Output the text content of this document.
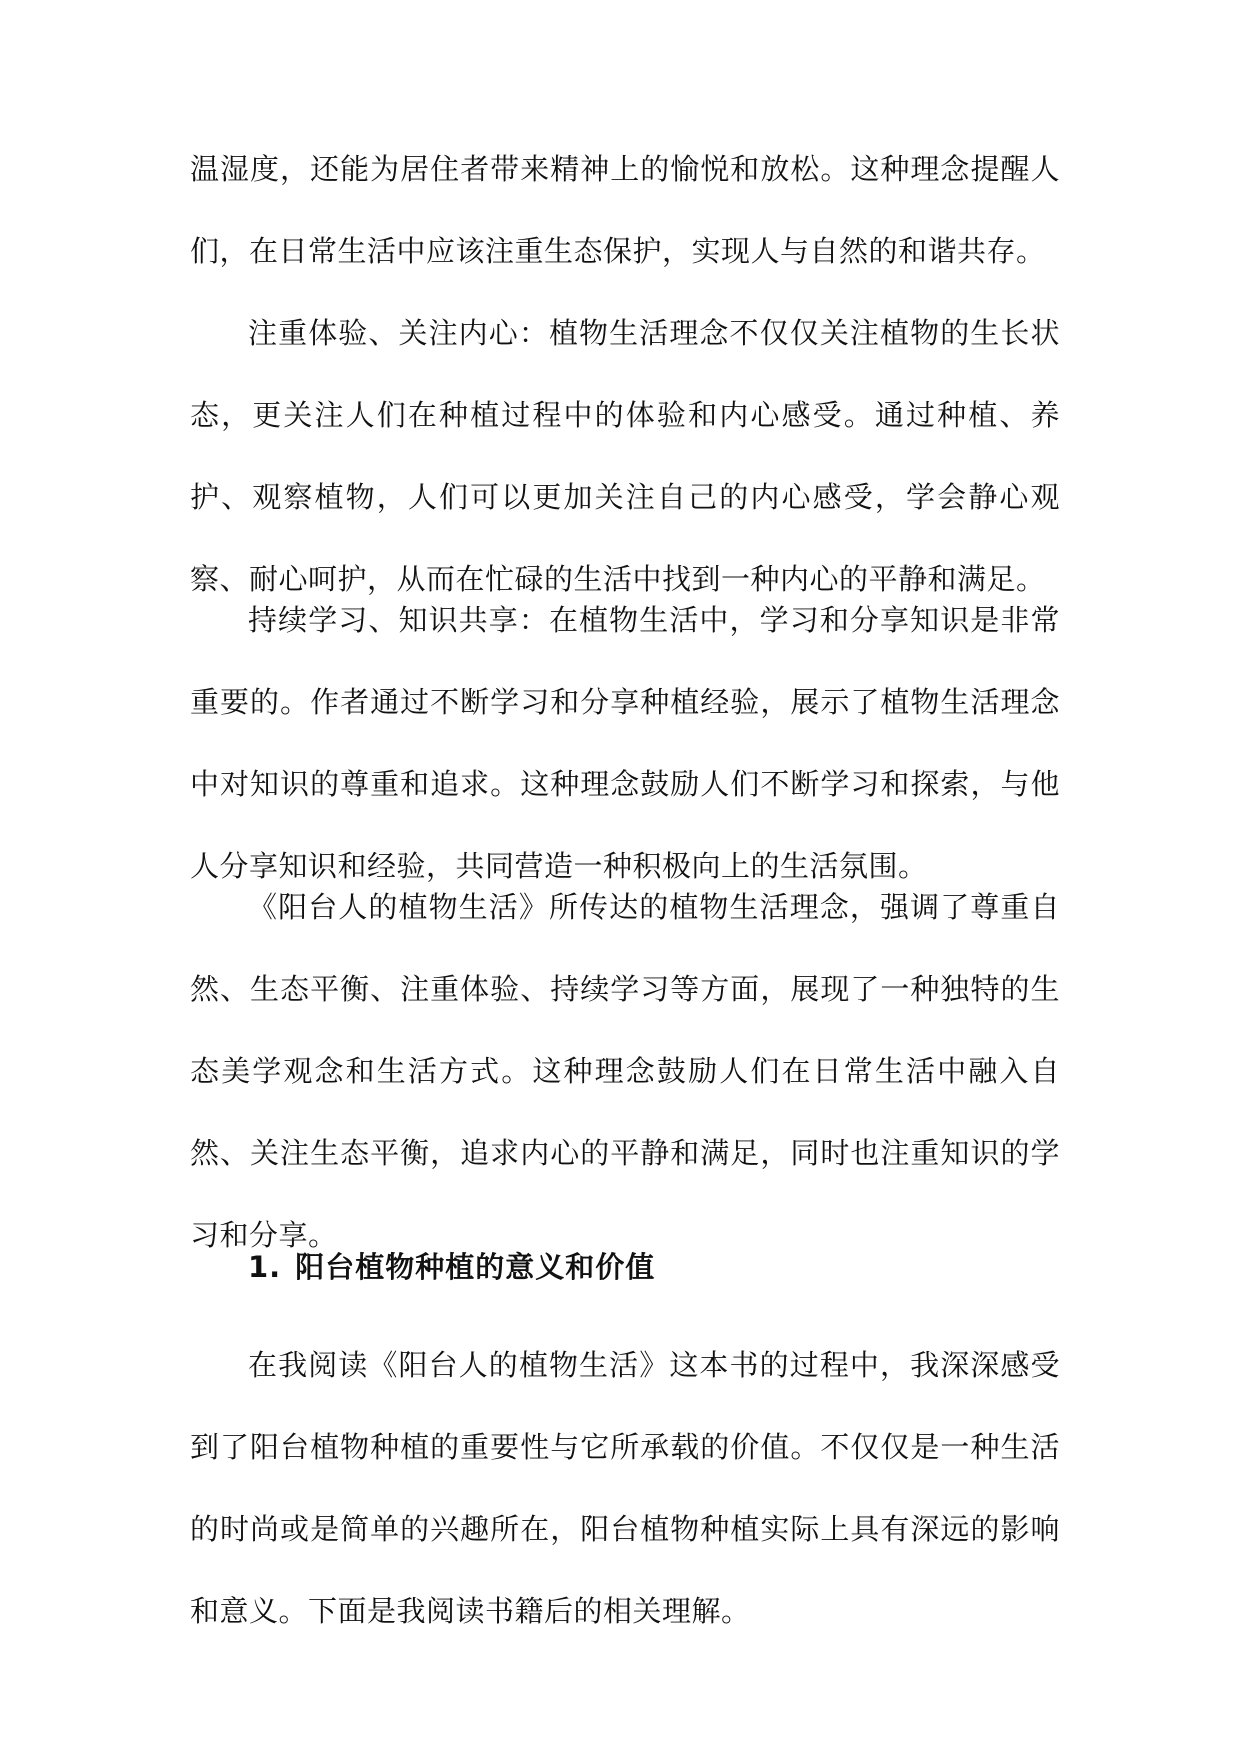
温湿度，还能为居住者带来精神上的愉悦和放松。这种理念提醒人们，在日常生活中应该注重生态保护，实现人与自然的和谐共存。

注重体验、关注内心：植物生活理念不仅仅关注植物的生长状态，更关注人们在种植过程中的体验和内心感受。通过种植、养护、观察植物，人们可以更加关注自己的内心感受，学会静心观察、耐心呵护，从而在忙碌的生活中找到一种内心的平静和满足。

持续学习、知识共享：在植物生活中，学习和分享知识是非常重要的。作者通过不断学习和分享种植经验，展示了植物生活理念中对知识的尊重和追求。这种理念鼓励人们不断学习和探索，与他人分享知识和经验，共同营造一种积极向上的生活氛围。

《阳台人的植物生活》所传达的植物生活理念，强调了尊重自然、生态平衡、注重体验、持续学习等方面，展现了一种独特的生态美学观念和生活方式。这种理念鼓励人们在日常生活中融入自然、关注生态平衡，追求内心的平静和满足，同时也注重知识的学习和分享。

1. 阳台植物种植的意义和价值

在我阅读《阳台人的植物生活》这本书的过程中，我深深感受到了阳台植物种植的重要性与它所承载的价值。不仅仅是一种生活的时尚或是简单的兴趣所在，阳台植物种植实际上具有深远的影响和意义。下面是我阅读书籍后的相关理解。
